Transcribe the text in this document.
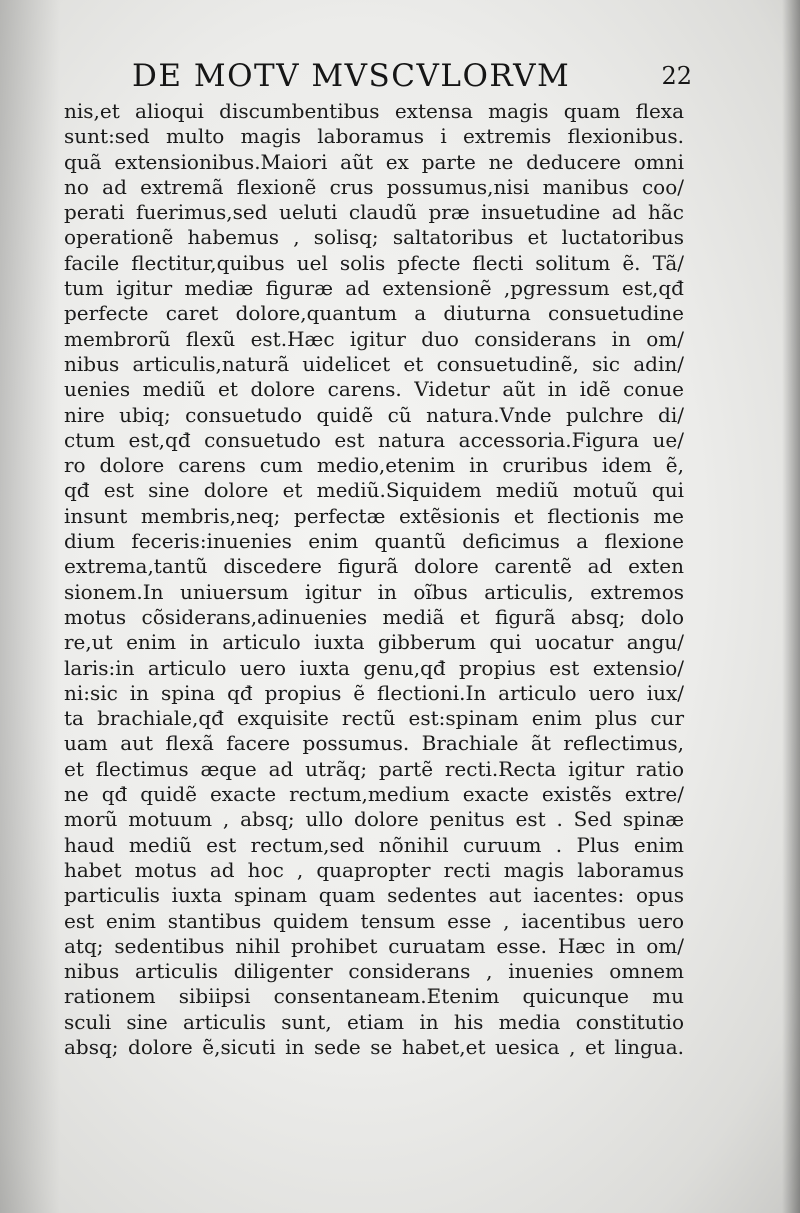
DE MOTV MVSCVLORVM	22
nis,et alioqui discumbentibus extensa magis quam flexa
sunt:sed multo magis laboramus i extremis flexionibus.
quã extensionibus.Maiori aũt ex parte ne deducere omni
no ad extremã flexionẽ crus possumus,nisi manibus coo/
perati fuerimus,sed ueluti claudũ præ insuetudine ad hãc
operationẽ habemus , solisq; saltatoribus et luctatoribus
facile flectitur,quibus uel solis pfecte flecti solitum ẽ. Tã/
tum igitur mediæ figuræ ad extensionẽ ,pgressum est,qđ
perfecte caret dolore,quantum a diuturna consuetudine
membrorũ flexũ est.Hæc igitur duo considerans in om/
nibus articulis,naturã uidelicet et consuetudinẽ, sic adin/
uenies mediũ et dolore carens. Videtur aũt in idẽ conue
nire ubiq; consuetudo quidẽ cũ natura.Vnde pulchre di/
ctum est,qđ consuetudo est natura accessoria.Figura ue/
ro dolore carens cum medio,etenim in cruribus idem ẽ,
qđ est sine dolore et mediũ.Siquidem mediũ motuũ qui
insunt membris,neq; perfectæ extẽsionis et flectionis me
dium feceris:inuenies enim quantũ deficimus a flexione
extrema,tantũ discedere figurã dolore carentẽ ad exten
sionem.In uniuersum igitur in oĩbus articulis, extremos
motus cõsiderans,adinuenies mediã et figurã absq; dolo
re,ut enim in articulo iuxta gibberum qui uocatur angu/
laris:in articulo uero iuxta genu,qđ propius est extensio/
ni:sic in spina qđ propius ẽ flectioni.In articulo uero iux/
ta brachiale,qđ exquisite rectũ est:spinam enim plus cur
uam aut flexã facere possumus. Brachiale ãt reflectimus,
et flectimus æque ad utrãq; partẽ recti.Recta igitur ratio
ne qđ quidẽ exacte rectum,medium exacte existẽs extre/
morũ motuum , absq; ullo dolore penitus est . Sed spinæ
haud mediũ est rectum,sed nõnihil curuum . Plus enim
habet motus ad hoc , quapropter recti magis laboramus
particulis iuxta spinam quam sedentes aut iacentes: opus
est enim stantibus quidem tensum esse , iacentibus uero
atq; sedentibus nihil prohibet curuatam esse. Hæc in om/
nibus articulis diligenter considerans , inuenies omnem
rationem sibiipsi consentaneam.Etenim quicunque mu
sculi sine articulis sunt, etiam in his media constitutio
absq; dolore ẽ,sicuti in sede se habet,et uesica , et lingua.
